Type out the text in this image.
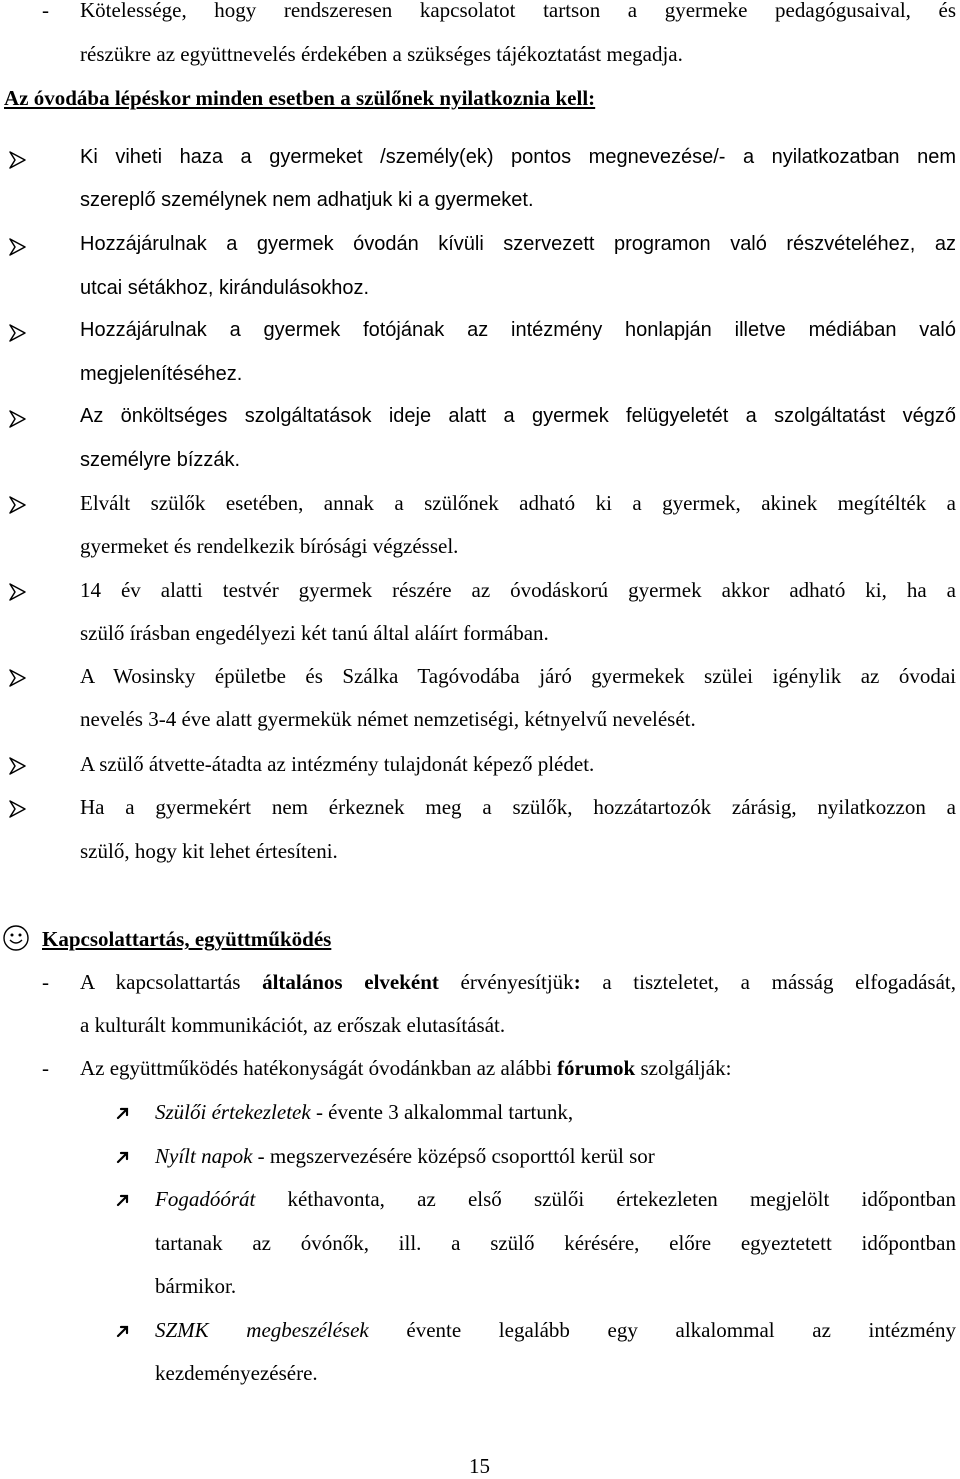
- Kötelessége, hogy rendszeresen kapcsolatot tartson a gyermeke pedagógusaival, és
részükre az együttnevelés érdekében a szükséges tájékoztatást megadja.
Az óvodába lépéskor minden esetben a szülőnek nyilatkoznia kell:
Ki viheti haza a gyermeket /személy(ek) pontos megnevezése/- a nyilatkozatban nem
szereplő személynek nem adhatjuk ki a gyermeket.
Hozzájárulnak a gyermek óvodán kívüli szervezett programon való részvételéhez, az
utcai sétákhoz, kirándulásokhoz.
Hozzájárulnak a gyermek fotójának az intézmény honlapján illetve médiában való
megjelenítéséhez.
Az önköltséges szolgáltatások ideje alatt a gyermek felügyeletét a szolgáltatást végző
személyre bízzák.
Elvált szülők esetében, annak a szülőnek adható ki a gyermek, akinek megítélték a
gyermeket és rendelkezik bírósági végzéssel.
14 év alatti testvér gyermek részére az óvodáskorú gyermek akkor adható ki, ha a
szülő írásban engedélyezi két tanú által aláírt formában.
A Wosinsky épületbe és Szálka Tagóvodába járó gyermekek szülei igénylik az óvodai
nevelés 3-4 éve alatt gyermekük német nemzetiségi, kétnyelvű nevelését.
A szülő átvette-átadta az intézmény tulajdonát képező plédet.
Ha a gyermekért nem érkeznek meg a szülők, hozzátartozók zárásig, nyilatkozzon a
szülő, hogy kit lehet értesíteni.
Kapcsolattartás, együttműködés
- A kapcsolattartás általános elveként érvényesítjük: a tiszteletet, a másság elfogadását,
a kulturált kommunikációt, az erőszak elutasítását.
- Az együttműködés hatékonyságát óvodánkban az alábbi fórumok szolgálják:
Szülői értekezletek - évente 3 alkalommal tartunk,
Nyílt napok - megszervezésére középső csoporttól kerül sor
Fogadóórát kéthavonta, az első szülői értekezleten megjelölt időpontban
tartanak az óvónők, ill. a szülő kérésére, előre egyeztetett időpontban
bármikor.
SZMK megbeszélések évente legalább egy alkalommal az intézmény
kezdeményezésére.
15
